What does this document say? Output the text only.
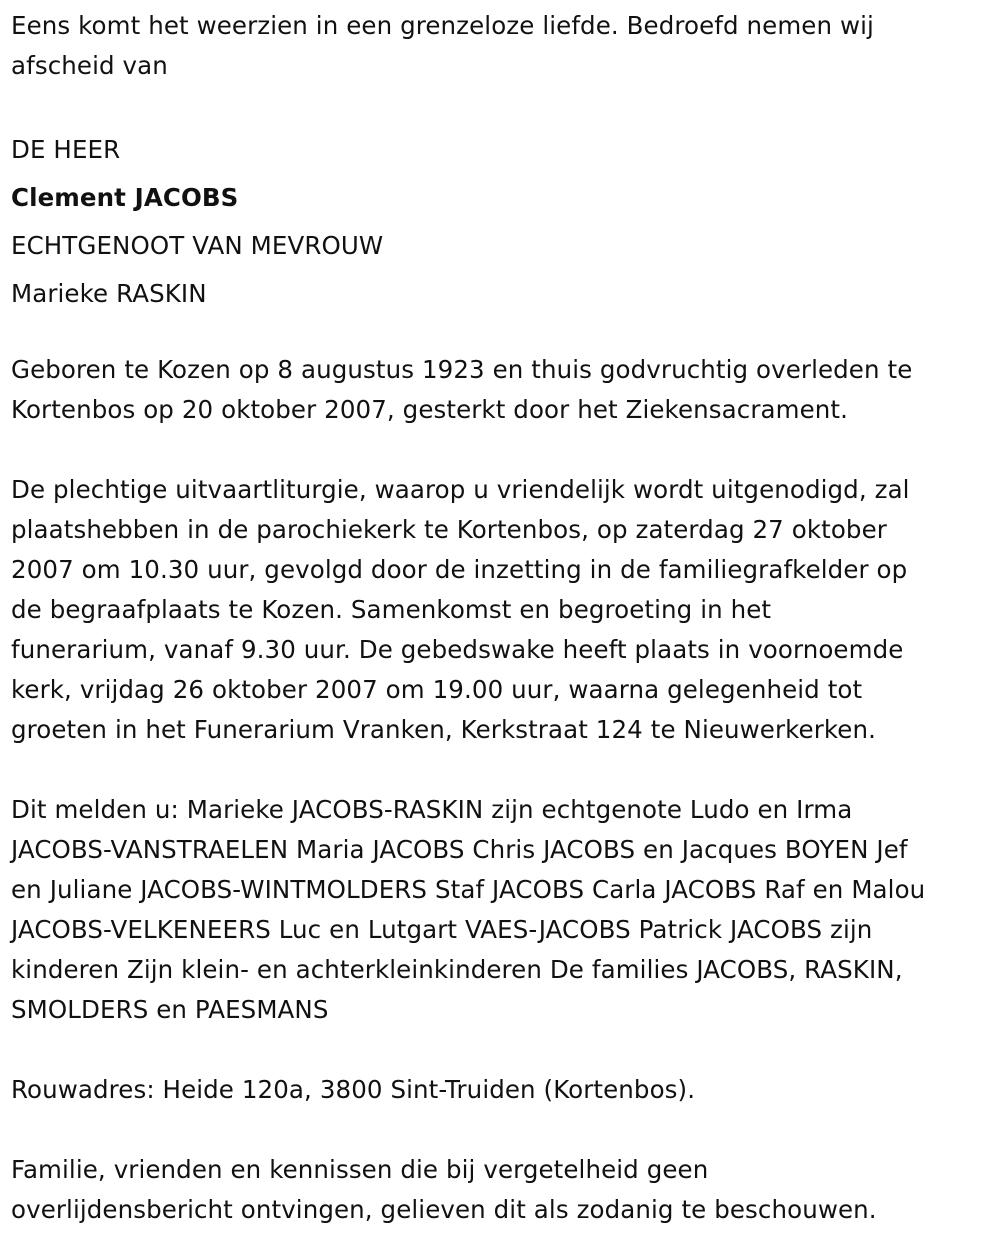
Eens komt het weerzien in een grenzeloze liefde. Bedroefd nemen wij
afscheid van
DE HEER
Clement JACOBS
ECHTGENOOT VAN MEVROUW
Marieke RASKIN
Geboren te Kozen op 8 augustus 1923 en thuis godvruchtig overleden te
Kortenbos op 20 oktober 2007, gesterkt door het Ziekensacrament.
De plechtige uitvaartliturgie, waarop u vriendelijk wordt uitgenodigd, zal
plaatshebben in de parochiekerk te Kortenbos, op zaterdag 27 oktober
2007 om 10.30 uur, gevolgd door de inzetting in de familiegrafkelder op
de begraafplaats te Kozen. Samenkomst en begroeting in het
funerarium, vanaf 9.30 uur. De gebedswake heeft plaats in voornoemde
kerk, vrijdag 26 oktober 2007 om 19.00 uur, waarna gelegenheid tot
groeten in het Funerarium Vranken, Kerkstraat 124 te Nieuwerkerken.
Dit melden u: Marieke JACOBS-RASKIN zijn echtgenote Ludo en Irma
JACOBS-VANSTRAELEN Maria JACOBS Chris JACOBS en Jacques BOYEN Jef
en Juliane JACOBS-WINTMOLDERS Staf JACOBS Carla JACOBS Raf en Malou
JACOBS-VELKENEERS Luc en Lutgart VAES-JACOBS Patrick JACOBS zijn
kinderen Zijn klein- en achterkleinkinderen De families JACOBS, RASKIN,
SMOLDERS en PAESMANS
Rouwadres: Heide 120a, 3800 Sint-Truiden (Kortenbos).
Familie, vrienden en kennissen die bij vergetelheid geen
overlijdensbericht ontvingen, gelieven dit als zodanig te beschouwen.
